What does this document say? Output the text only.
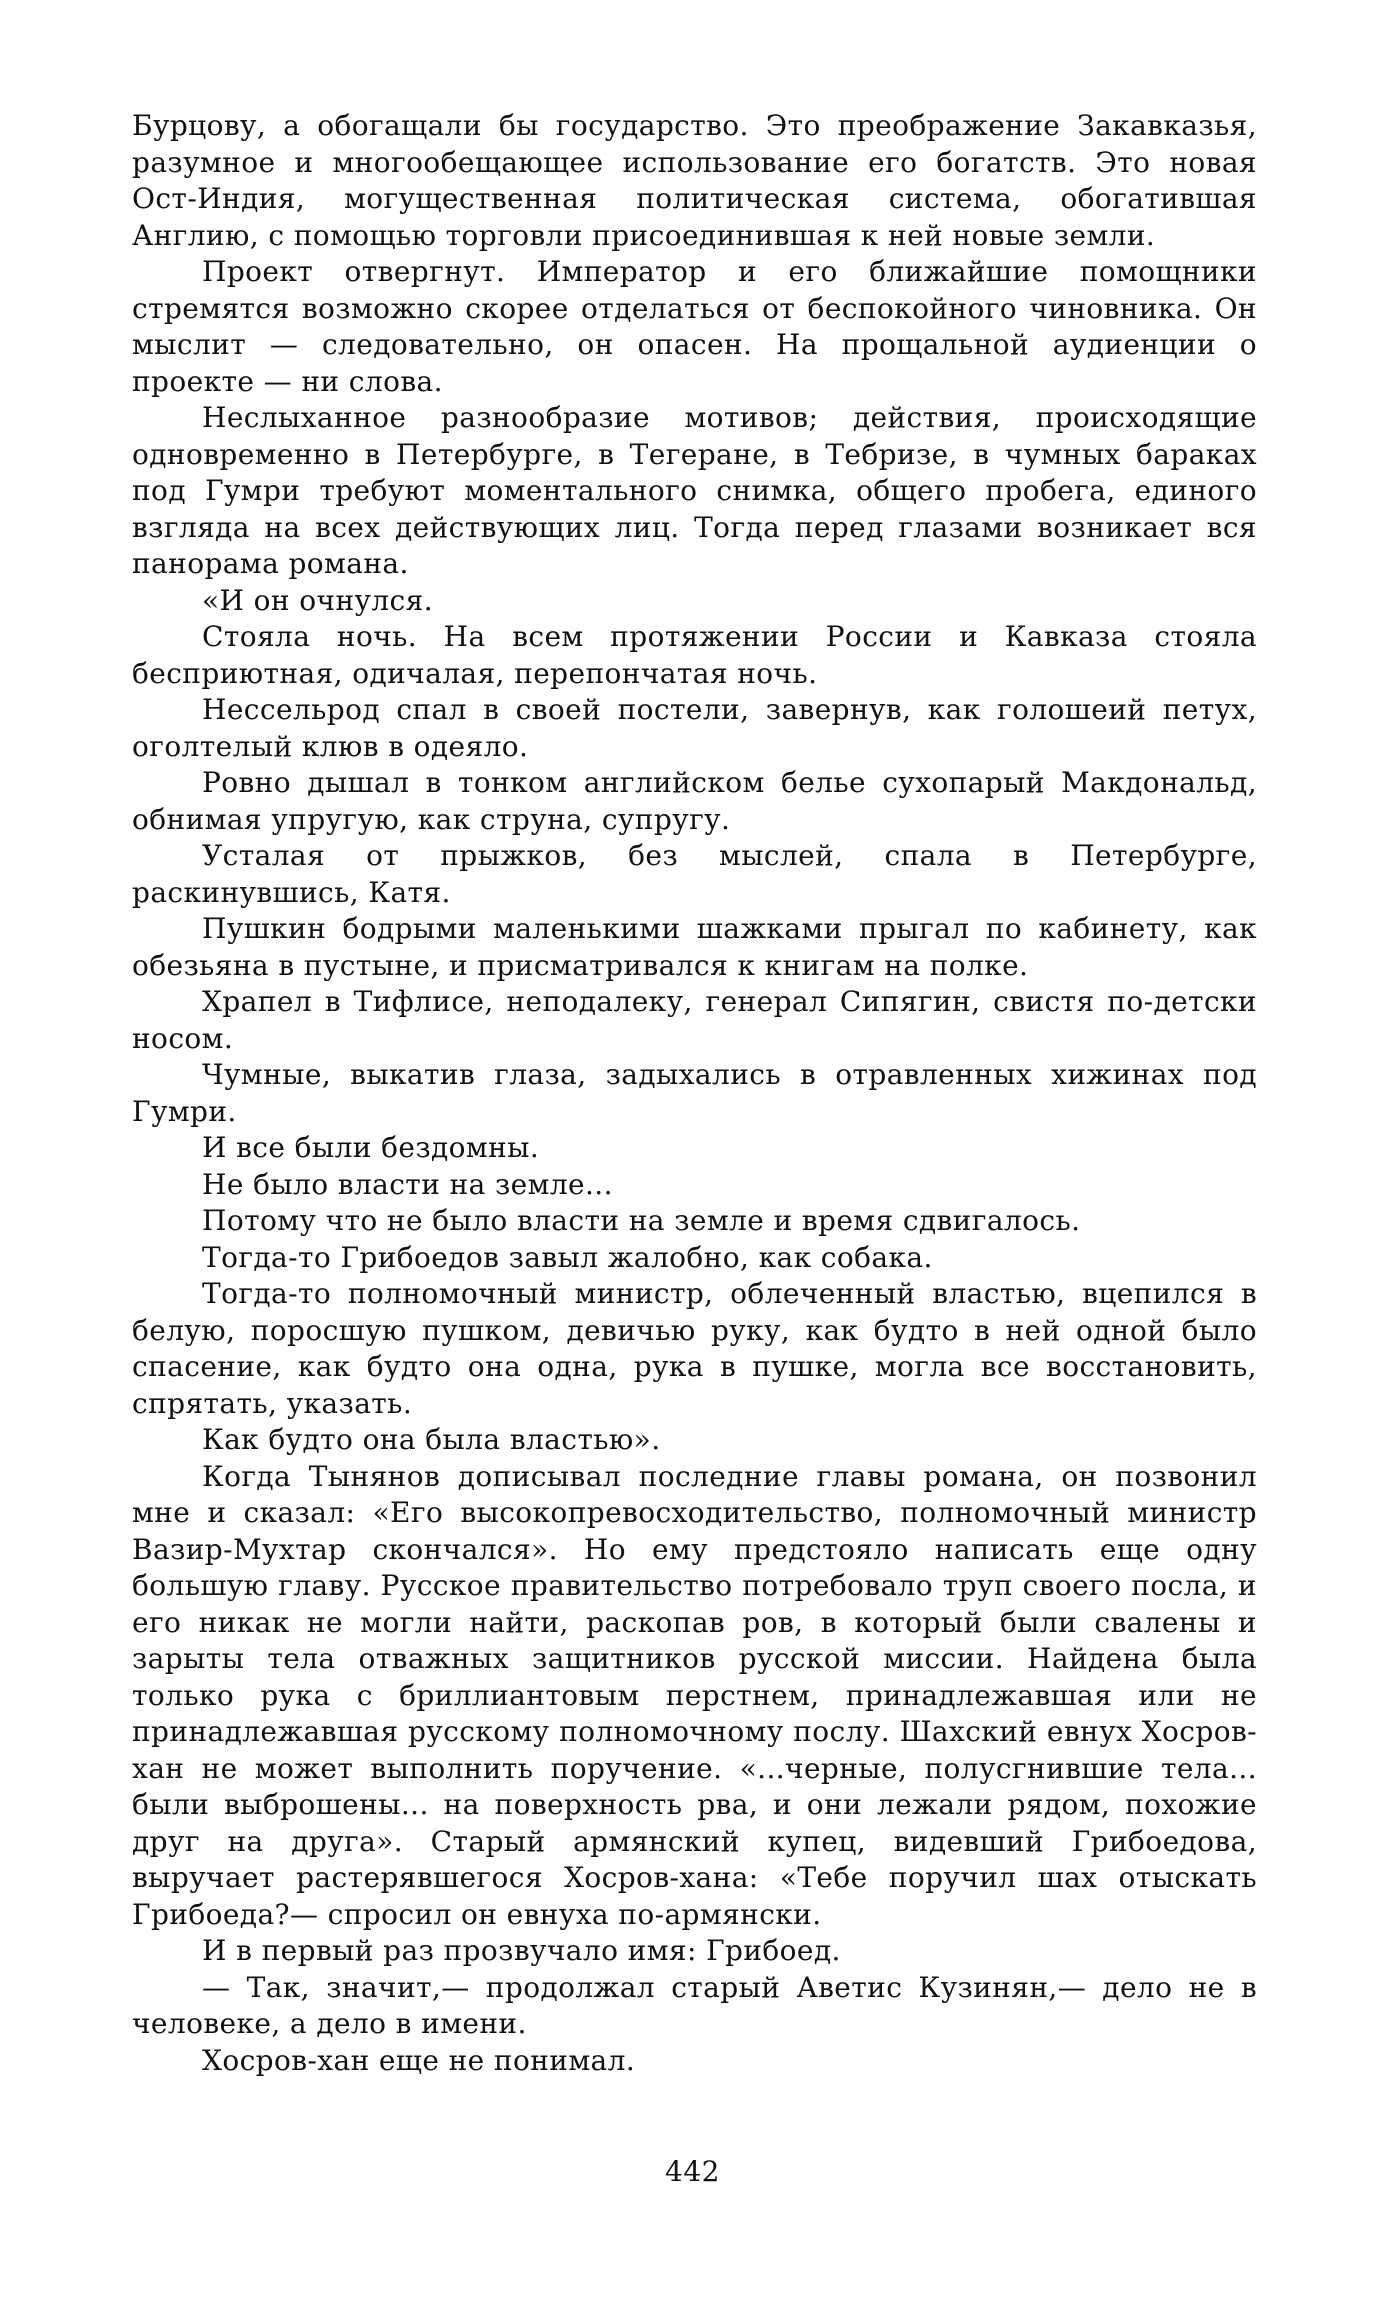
Бурцову, а обогащали бы государство. Это преображение Закавказья, разумное и многообещающее использование его богатств. Это новая Ост-Индия, могущественная политическая система, обогатившая Англию, с помощью торговли присоединившая к ней новые земли.

Проект отвергнут. Император и его ближайшие помощники стремятся возможно скорее отделаться от беспокойного чиновника. Он мыслит — следовательно, он опасен. На прощальной аудиенции о проекте — ни слова.

Неслыханное разнообразие мотивов; действия, происходящие одновременно в Петербурге, в Тегеране, в Тебризе, в чумных бараках под Гумри требуют моментального снимка, общего пробега, единого взгляда на всех действующих лиц. Тогда перед глазами возникает вся панорама романа.

«И он очнулся.

Стояла ночь. На всем протяжении России и Кавказа стояла бесприютная, одичалая, перепончатая ночь.

Нессельрод спал в своей постели, завернув, как голошеий петух, оголтелый клюв в одеяло.

Ровно дышал в тонком английском белье сухопарый Макдональд, обнимая упругую, как струна, супругу.

Усталая от прыжков, без мыслей, спала в Петербурге, раскинувшись, Катя.

Пушкин бодрыми маленькими шажками прыгал по кабинету, как обезьяна в пустыне, и присматривался к книгам на полке.

Храпел в Тифлисе, неподалеку, генерал Сипягин, свистя по-детски носом.

Чумные, выкатив глаза, задыхались в отравленных хижинах под Гумри.

И все были бездомны.

Не было власти на земле...

Потому что не было власти на земле и время сдвигалось.

Тогда-то Грибоедов завыл жалобно, как собака.

Тогда-то полномочный министр, облеченный властью, вцепился в белую, поросшую пушком, девичью руку, как будто в ней одной было спасение, как будто она одна, рука в пушке, могла все восстановить, спрятать, указать.

Как будто она была властью».

Когда Тынянов дописывал последние главы романа, он позвонил мне и сказал: «Его высокопревосходительство, полномочный министр Вазир-Мухтар скончался». Но ему предстояло написать еще одну большую главу. Русское правительство потребовало труп своего посла, и его никак не могли найти, раскопав ров, в который были свалены и зарыты тела отважных защитников русской миссии. Найдена была только рука с бриллиантовым перстнем, принадлежавшая или не принадлежавшая русскому полномочному послу. Шахский евнух Хосров-хан не может выполнить поручение. «...черные, полусгнившие тела... были выброшены... на поверхность рва, и они лежали рядом, похожие друг на друга». Старый армянский купец, видевший Грибоедова, выручает растерявшегося Хосров-хана: «Тебе поручил шах отыскать Грибоеда?— спросил он евнуха по-армянски.

И в первый раз прозвучало имя: Грибоед.

— Так, значит,— продолжал старый Аветис Кузинян,— дело не в человеке, а дело в имени.

Хосров-хан еще не понимал.

442
